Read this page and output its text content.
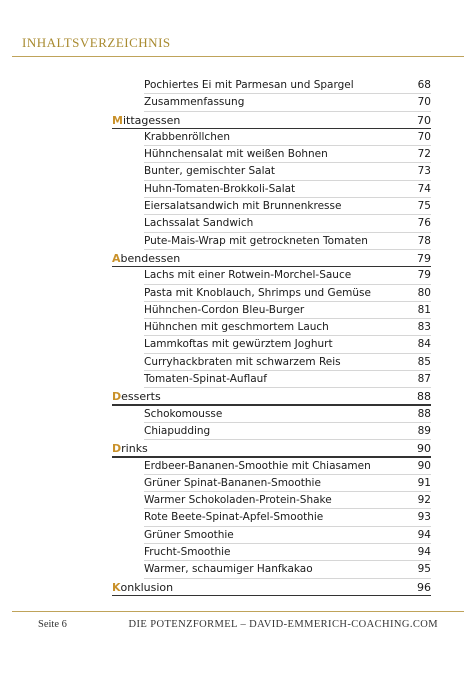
INHALTSVERZEICHNIS
Pochiertes Ei mit Parmesan und Spargel	68
Zusammenfassung	70
Mittagessen	70
Krabbenröllchen	70
Hühnchensalat mit weißen Bohnen	72
Bunter, gemischter Salat	73
Huhn-Tomaten-Brokkoli-Salat	74
Eiersalatsandwich mit Brunnenkresse	75
Lachssalat Sandwich	76
Pute-Mais-Wrap mit getrockneten Tomaten	78
Abendessen	79
Lachs mit einer Rotwein-Morchel-Sauce	79
Pasta mit Knoblauch, Shrimps und Gemüse	80
Hühnchen-Cordon Bleu-Burger	81
Hühnchen mit geschmortem Lauch	83
Lammkoftas mit gewürztem Joghurt	84
Curryhackbraten mit schwarzem Reis	85
Tomaten-Spinat-Auflauf	87
Desserts	88
Schokomousse	88
Chiapudding	89
Drinks	90
Erdbeer-Bananen-Smoothie mit Chiasamen	90
Grüner Spinat-Bananen-Smoothie	91
Warmer Schokoladen-Protein-Shake	92
Rote Beete-Spinat-Apfel-Smoothie	93
Grüner Smoothie	94
Frucht-Smoothie	94
Warmer, schaumiger Hanfkakao	95
Konklusion	96
Seite 6	DIE POTENZFORMEL – DAVID-EMMERICH-COACHING.COM
